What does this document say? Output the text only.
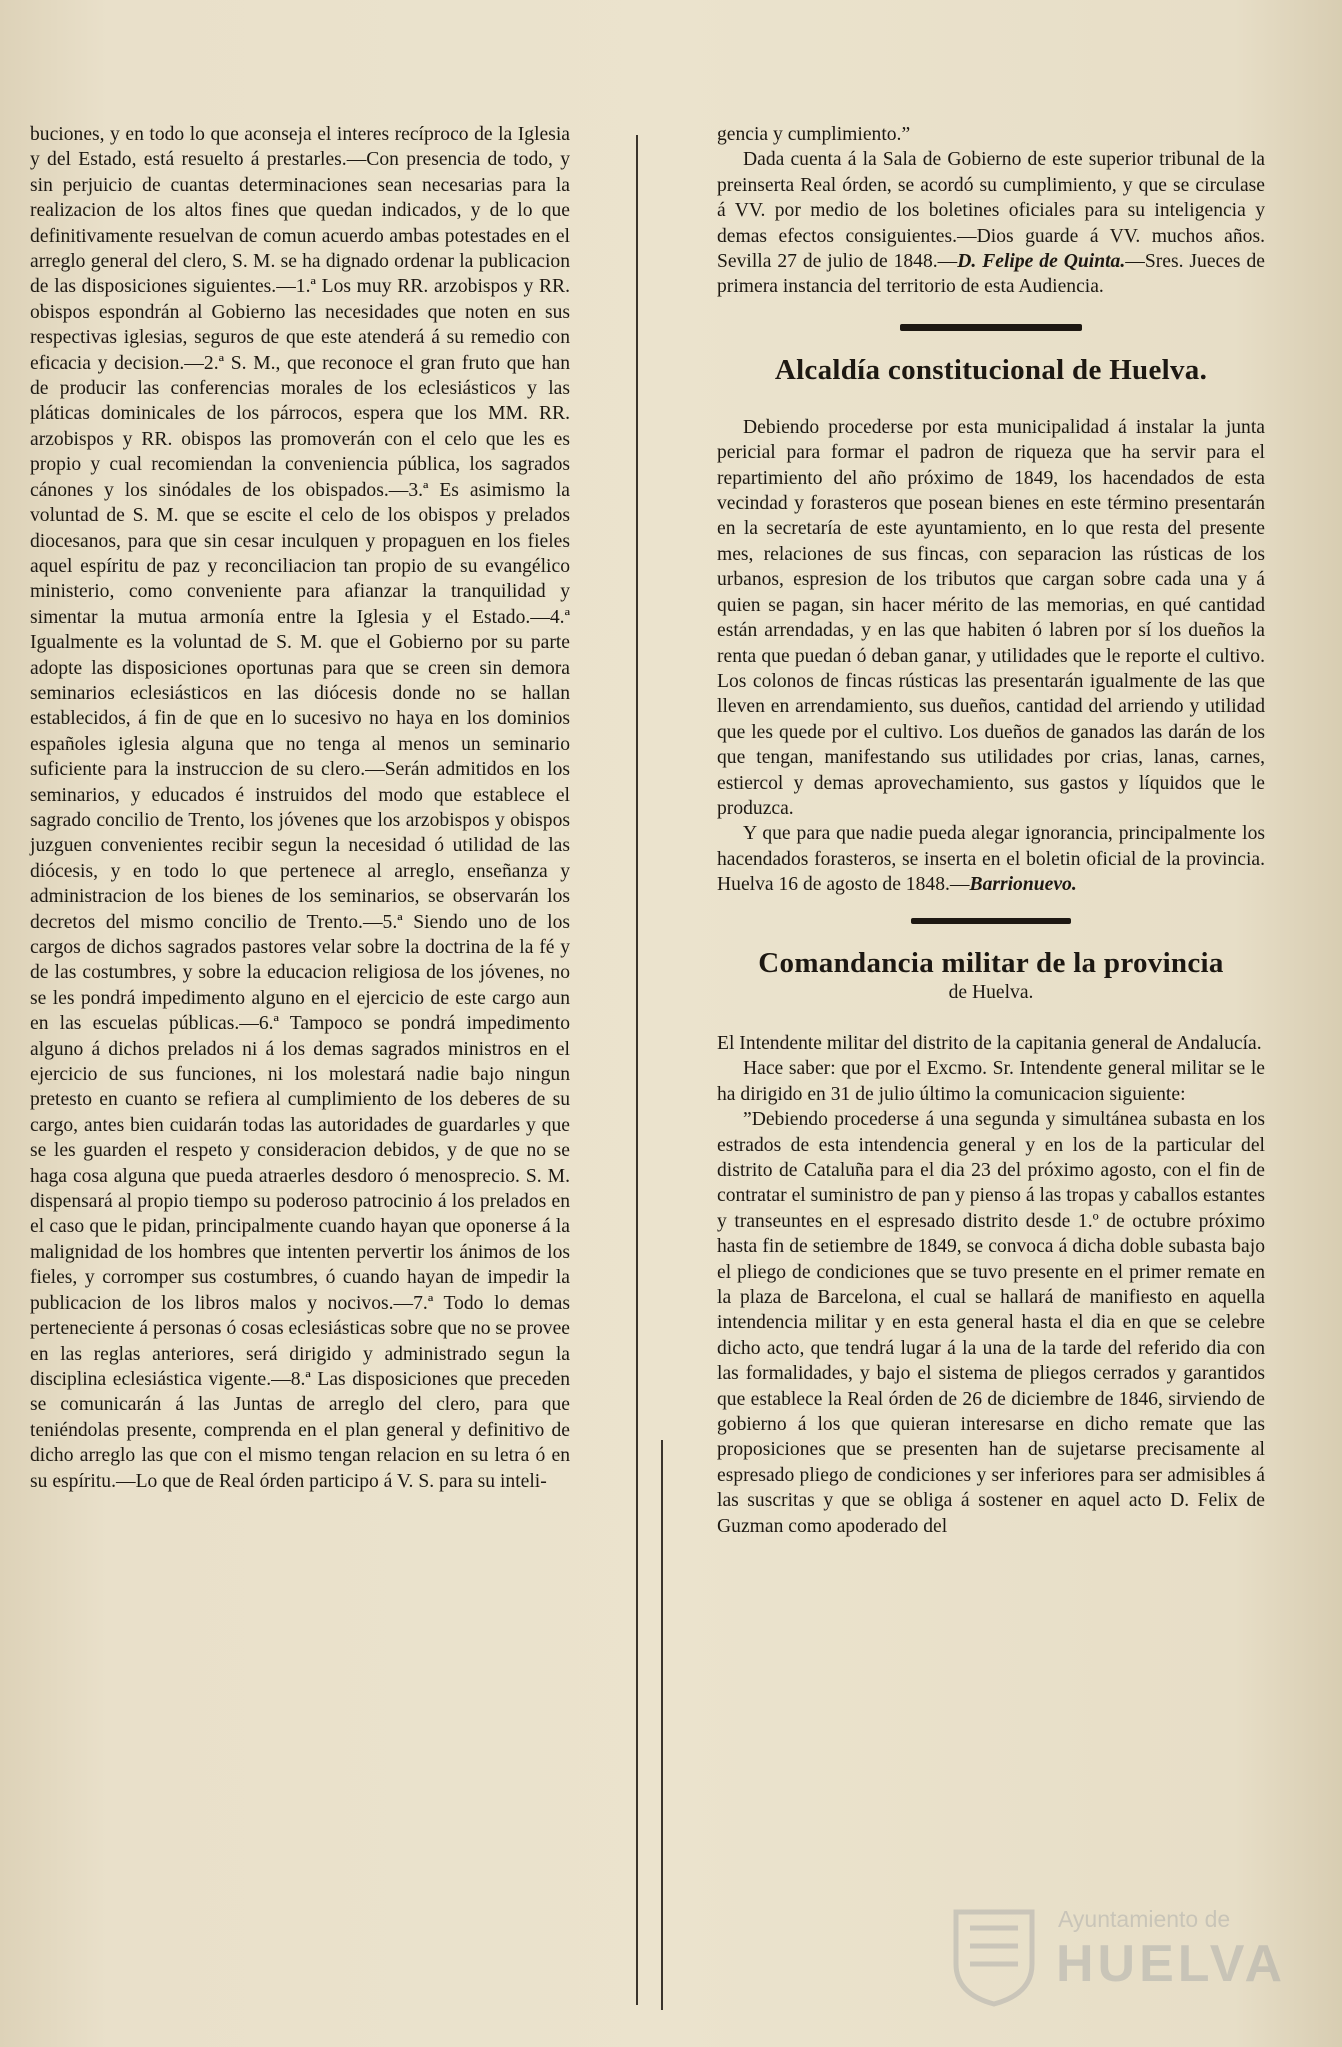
buciones, y en todo lo que aconseja el interes recíproco de la Iglesia y del Estado, está resuelto á prestarles.—Con presencia de todo, y sin perjuicio de cuantas determinaciones sean necesarias para la realizacion de los altos fines que quedan indicados, y de lo que definitivamente resuelvan de comun acuerdo ambas potestades en el arreglo general del clero, S. M. se ha dignado ordenar la publicacion de las disposiciones siguientes.—1.ª Los muy RR. arzobispos y RR. obispos espondrán al Gobierno las necesidades que noten en sus respectivas iglesias, seguros de que este atenderá á su remedio con eficacia y decision.—2.ª S. M., que reconoce el gran fruto que han de producir las conferencias morales de los eclesiásticos y las pláticas dominicales de los párrocos, espera que los MM. RR. arzobispos y RR. obispos las promoverán con el celo que les es propio y cual recomiendan la conveniencia pública, los sagrados cánones y los sinódales de los obispados.—3.ª Es asimismo la voluntad de S. M. que se escite el celo de los obispos y prelados diocesanos, para que sin cesar inculquen y propaguen en los fieles aquel espíritu de paz y reconciliacion tan propio de su evangélico ministerio, como conveniente para afianzar la tranquilidad y simentar la mutua armonía entre la Iglesia y el Estado.—4.ª Igualmente es la voluntad de S. M. que el Gobierno por su parte adopte las disposiciones oportunas para que se creen sin demora seminarios eclesiásticos en las diócesis donde no se hallan establecidos, á fin de que en lo sucesivo no haya en los dominios españoles iglesia alguna que no tenga al menos un seminario suficiente para la instruccion de su clero.—Serán admitidos en los seminarios, y educados é instruidos del modo que establece el sagrado concilio de Trento, los jóvenes que los arzobispos y obispos juzguen convenientes recibir segun la necesidad ó utilidad de las diócesis, y en todo lo que pertenece al arreglo, enseñanza y administracion de los bienes de los seminarios, se observarán los decretos del mismo concilio de Trento.—5.ª Siendo uno de los cargos de dichos sagrados pastores velar sobre la doctrina de la fé y de las costumbres, y sobre la educacion religiosa de los jóvenes, no se les pondrá impedimento alguno en el ejercicio de este cargo aun en las escuelas públicas.—6.ª Tampoco se pondrá impedimento alguno á dichos prelados ni á los demas sagrados ministros en el ejercicio de sus funciones, ni los molestará nadie bajo ningun pretesto en cuanto se refiera al cumplimiento de los deberes de su cargo, antes bien cuidarán todas las autoridades de guardarles y que se les guarden el respeto y consideracion debidos, y de que no se haga cosa alguna que pueda atraerles desdoro ó menosprecio. S. M. dispensará al propio tiempo su poderoso patrocinio á los prelados en el caso que le pidan, principalmente cuando hayan que oponerse á la malignidad de los hombres que intenten pervertir los ánimos de los fieles, y corromper sus costumbres, ó cuando hayan de impedir la publicacion de los libros malos y nocivos.—7.ª Todo lo demas perteneciente á personas ó cosas eclesiásticas sobre que no se provee en las reglas anteriores, será dirigido y administrado segun la disciplina eclesiástica vigente.—8.ª Las disposiciones que preceden se comunicarán á las Juntas de arreglo del clero, para que teniéndolas presente, comprenda en el plan general y definitivo de dicho arreglo las que con el mismo tengan relacion en su letra ó en su espíritu.—Lo que de Real órden participo á V. S. para su inteli-

gencia y cumplimiento.”

Dada cuenta á la Sala de Gobierno de este superior tribunal de la preinserta Real órden, se acordó su cumplimiento, y que se circulase á VV. por medio de los boletines oficiales para su inteligencia y demas efectos consiguientes.—Dios guarde á VV. muchos años. Sevilla 27 de julio de 1848.—D. Felipe de Quinta.—Sres. Jueces de primera instancia del territorio de esta Audiencia.

Alcaldía constitucional de Huelva.

Debiendo procederse por esta municipalidad á instalar la junta pericial para formar el padron de riqueza que ha servir para el repartimiento del año próximo de 1849, los hacendados de esta vecindad y forasteros que posean bienes en este término presentarán en la secretaría de este ayuntamiento, en lo que resta del presente mes, relaciones de sus fincas, con separacion las rústicas de los urbanos, espresion de los tributos que cargan sobre cada una y á quien se pagan, sin hacer mérito de las memorias, en qué cantidad están arrendadas, y en las que habiten ó labren por sí los dueños la renta que puedan ó deban ganar, y utilidades que le reporte el cultivo. Los colonos de fincas rústicas las presentarán igualmente de las que lleven en arrendamiento, sus dueños, cantidad del arriendo y utilidad que les quede por el cultivo. Los dueños de ganados las darán de los que tengan, manifestando sus utilidades por crias, lanas, carnes, estiercol y demas aprovechamiento, sus gastos y líquidos que le produzca.

Y que para que nadie pueda alegar ignorancia, principalmente los hacendados forasteros, se inserta en el boletin oficial de la provincia. Huelva 16 de agosto de 1848.—Barrionuevo.

Comandancia militar de la provincia
de Huelva.

El Intendente militar del distrito de la capitania general de Andalucía.

Hace saber: que por el Excmo. Sr. Intendente general militar se le ha dirigido en 31 de julio último la comunicacion siguiente:

”Debiendo procederse á una segunda y simultánea subasta en los estrados de esta intendencia general y en los de la particular del distrito de Cataluña para el dia 23 del próximo agosto, con el fin de contratar el suministro de pan y pienso á las tropas y caballos estantes y transeuntes en el espresado distrito desde 1.º de octubre próximo hasta fin de setiembre de 1849, se convoca á dicha doble subasta bajo el pliego de condiciones que se tuvo presente en el primer remate en la plaza de Barcelona, el cual se hallará de manifiesto en aquella intendencia militar y en esta general hasta el dia en que se celebre dicho acto, que tendrá lugar á la una de la tarde del referido dia con las formalidades, y bajo el sistema de pliegos cerrados y garantidos que establece la Real órden de 26 de diciembre de 1846, sirviendo de gobierno á los que quieran interesarse en dicho remate que las proposiciones que se presenten han de sujetarse precisamente al espresado pliego de condiciones y ser inferiores para ser admisibles á las suscritas y que se obliga á sostener en aquel acto D. Felix de Guzman como apoderado del

Ayuntamiento de
HUELVA
